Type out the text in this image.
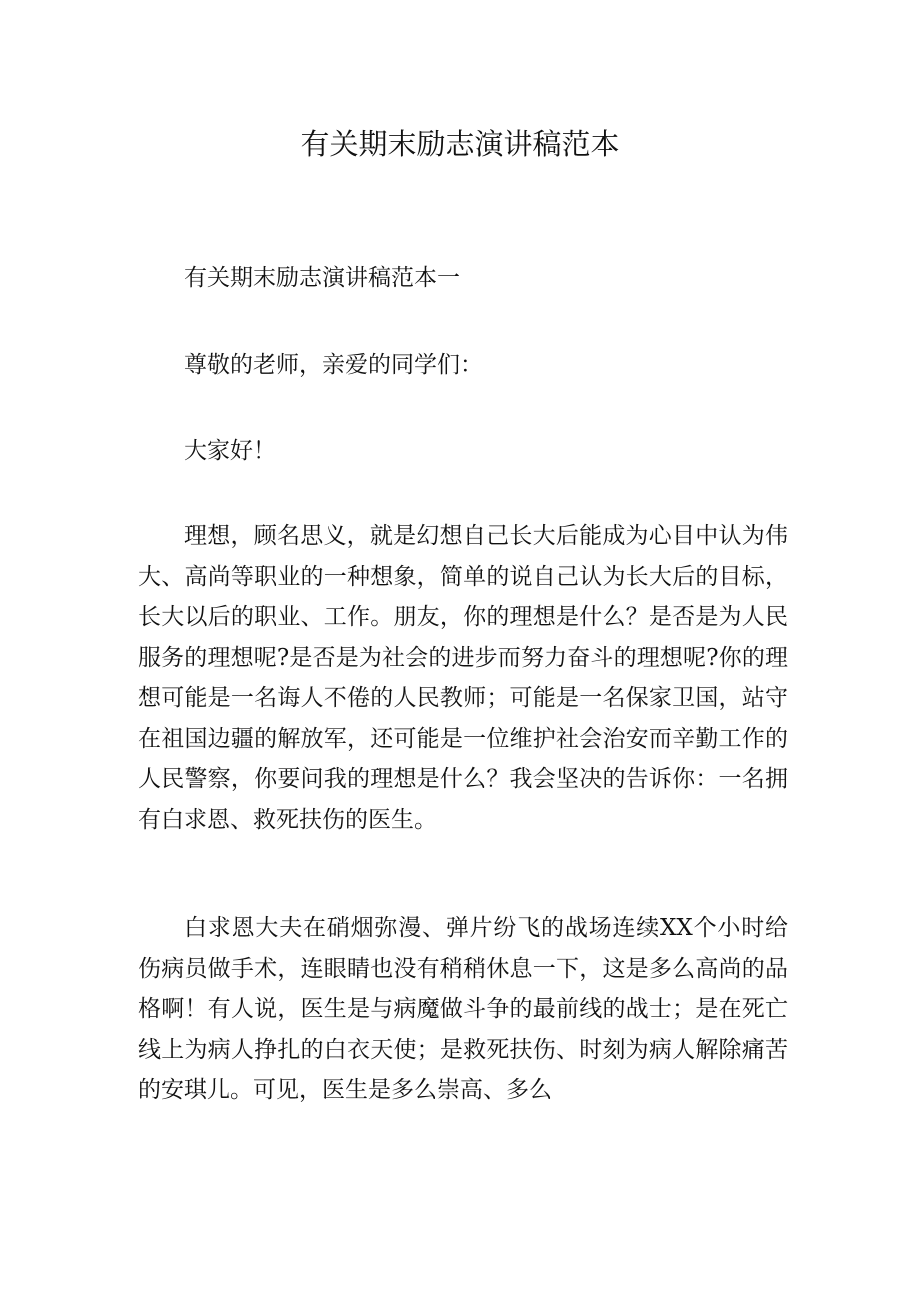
有关期末励志演讲稿范本

有关期末励志演讲稿范本一

尊敬的老师，亲爱的同学们：

大家好！

理想，顾名思义，就是幻想自己长大后能成为心目中认为伟大、高尚等职业的一种想象，简单的说自己认为长大后的目标，长大以后的职业、工作。朋友，你的理想是什么？是否是为人民服务的理想呢?是否是为社会的进步而努力奋斗的理想呢?你的理想可能是一名诲人不倦的人民教师；可能是一名保家卫国，站守在祖国边疆的解放军，还可能是一位维护社会治安而辛勤工作的人民警察，你要问我的理想是什么？我会坚决的告诉你：一名拥有白求恩、救死扶伤的医生。

白求恩大夫在硝烟弥漫、弹片纷飞的战场连续XX个小时给伤病员做手术，连眼睛也没有稍稍休息一下，这是多么高尚的品格啊！有人说，医生是与病魔做斗争的最前线的战士；是在死亡线上为病人挣扎的白衣天使；是救死扶伤、时刻为病人解除痛苦的安琪儿。可见，医生是多么崇高、多么
